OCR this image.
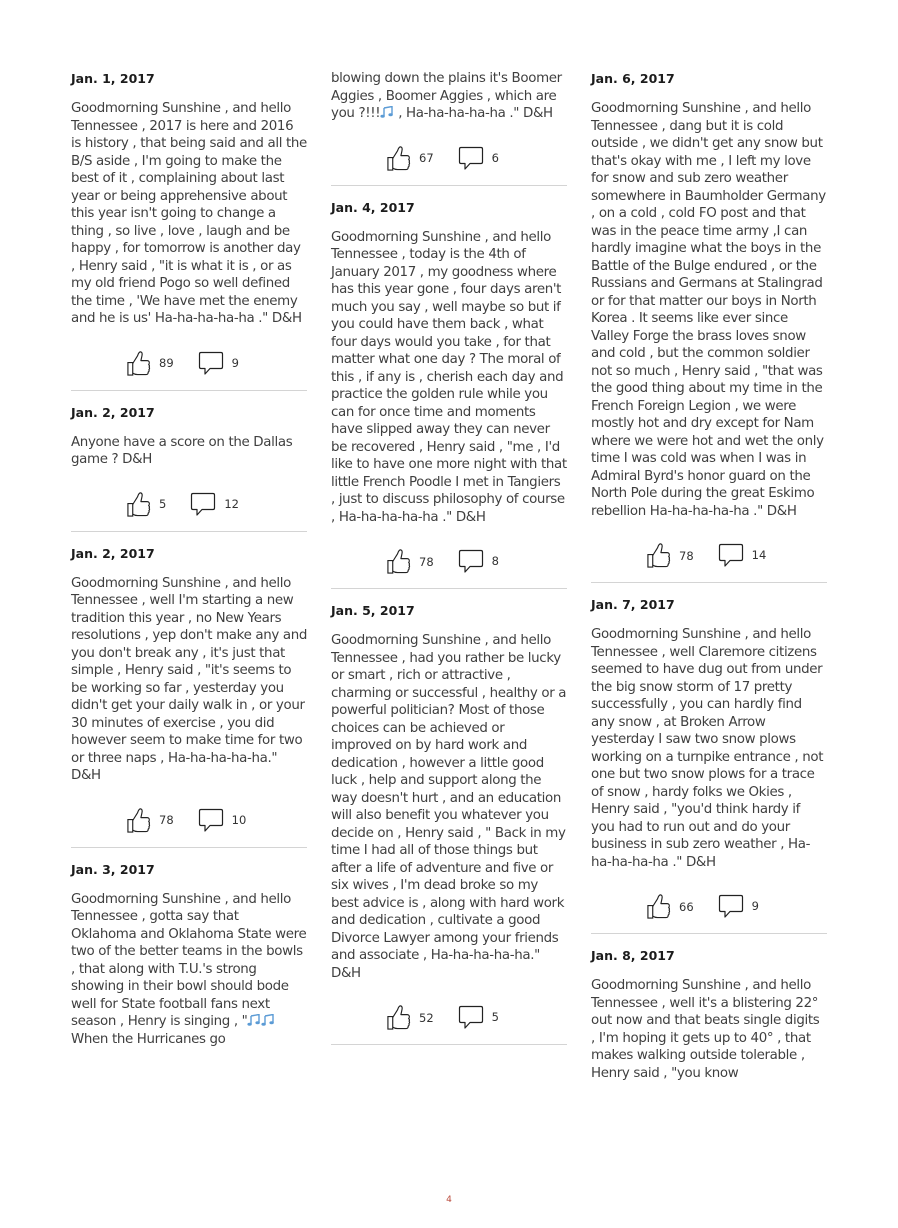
Jan. 1, 2017

Goodmorning Sunshine , and hello Tennessee , 2017 is here and 2016 is history , that being said and all the B/S aside , I'm going to make the best of it , complaining about last year or being apprehensive about this year isn't going to change a thing , so live , love , laugh and be happy , for tomorrow is another day , Henry said , "it is what it is , or as my old friend Pogo so well defined the time , 'We have met the enemy and he is us' Ha-ha-ha-ha-ha ." D&H

89	9

Jan. 2, 2017

Anyone have a score on the Dallas game ? D&H

5	12

Jan. 2, 2017

Goodmorning Sunshine , and hello Tennessee , well I'm starting a new tradition this year , no New Years resolutions , yep don't make any and you don't break any , it's just that simple , Henry said , "it's seems to be working so far , yesterday you didn't get your daily walk in , or your 30 minutes of exercise , you did however seem to make time for two or three naps , Ha-ha-ha-ha-ha." D&H

78	10

Jan. 3, 2017

Goodmorning Sunshine , and hello Tennessee , gotta say that Oklahoma and Oklahoma State were two of the better teams in the bowls , that along with T.U.'s strong showing in their bowl should bode well for State football fans next season , Henry is singing , "When the Hurricanes go

blowing down the plains it's Boomer Aggies , Boomer Aggies , which are you ?!!! , Ha-ha-ha-ha-ha ." D&H

67	6

Jan. 4, 2017

Goodmorning Sunshine , and hello Tennessee , today is the 4th of January 2017 , my goodness where has this year gone , four days aren't much you say , well maybe so but if you could have them back , what four days would you take , for that matter what one day ? The moral of this , if any is , cherish each day and practice the golden rule while you can for once time and moments have slipped away they can never be recovered , Henry said , "me , I'd like to have one more night with that little French Poodle I met in Tangiers , just to discuss philosophy of course , Ha-ha-ha-ha-ha ." D&H

78	8

Jan. 5, 2017

Goodmorning Sunshine , and hello Tennessee , had you rather be lucky or smart , rich or attractive , charming or successful , healthy or a powerful politician? Most of those choices can be achieved or improved on by hard work and dedication , however a little good luck , help and support along the way doesn't hurt , and an education will also benefit you whatever you decide on , Henry said , " Back in my time I had all of those things but after a life of adventure and five or six wives , I'm dead broke so my best advice is , along with hard work and dedication , cultivate a good Divorce Lawyer among your friends and associate , Ha-ha-ha-ha-ha." D&H

52	5

Jan. 6, 2017

Goodmorning Sunshine , and hello Tennessee , dang but it is cold outside , we didn't get any snow but that's okay with me , I left my love for snow and sub zero weather somewhere in Baumholder Germany , on a cold , cold FO post and that was in the peace time army ,I can hardly imagine what the boys in the Battle of the Bulge endured , or the Russians and Germans at Stalingrad or for that matter our boys in North Korea . It seems like ever since Valley Forge the brass loves snow and cold , but the common soldier not so much , Henry said , "that was the good thing about my time in the French Foreign Legion , we were mostly hot and dry except for Nam where we were hot and wet the only time I was cold was when I was in Admiral Byrd's honor guard on the North Pole during the great Eskimo rebellion Ha-ha-ha-ha-ha ." D&H

78	14

Jan. 7, 2017

Goodmorning Sunshine , and hello Tennessee , well Claremore citizens seemed to have dug out from under the big snow storm of 17 pretty successfully , you can hardly find any snow , at Broken Arrow yesterday I saw two snow plows working on a turnpike entrance , not one but two snow plows for a trace of snow , hardy folks we Okies , Henry said , "you'd think hardy if you had to run out and do your business in sub zero weather , Ha-ha-ha-ha-ha ." D&H

66	9

Jan. 8, 2017

Goodmorning Sunshine , and hello Tennessee , well it's a blistering 22° out now and that beats single digits , I'm hoping it gets up to 40° , that makes walking outside tolerable , Henry said , "you know

4
